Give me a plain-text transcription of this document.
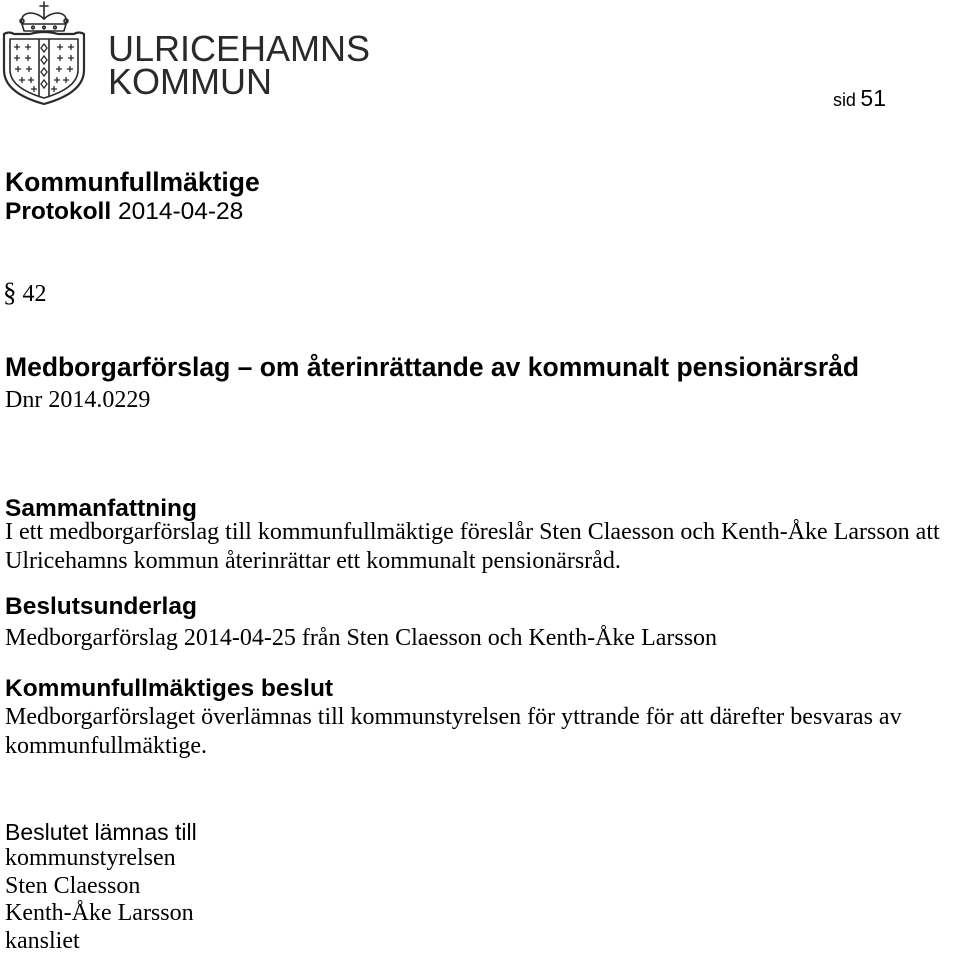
ULRICEHAMNS
KOMMUN	sid 51
Kommunfullmäktige
Protokoll 2014-04-28
§ 42
Medborgarförslag – om återinrättande av kommunalt pensionärsråd
Dnr 2014.0229
Sammanfattning
I ett medborgarförslag till kommunfullmäktige föreslår Sten Claesson och Kenth-Åke Larsson att Ulricehamns kommun återinrättar ett kommunalt pensionärsråd.
Beslutsunderlag
Medborgarförslag 2014-04-25 från Sten Claesson och Kenth-Åke Larsson
Kommunfullmäktiges beslut
Medborgarförslaget överlämnas till kommunstyrelsen för yttrande för att därefter besvaras av kommunfullmäktige.
Beslutet lämnas till
kommunstyrelsen
Sten Claesson
Kenth-Åke Larsson
kansliet
